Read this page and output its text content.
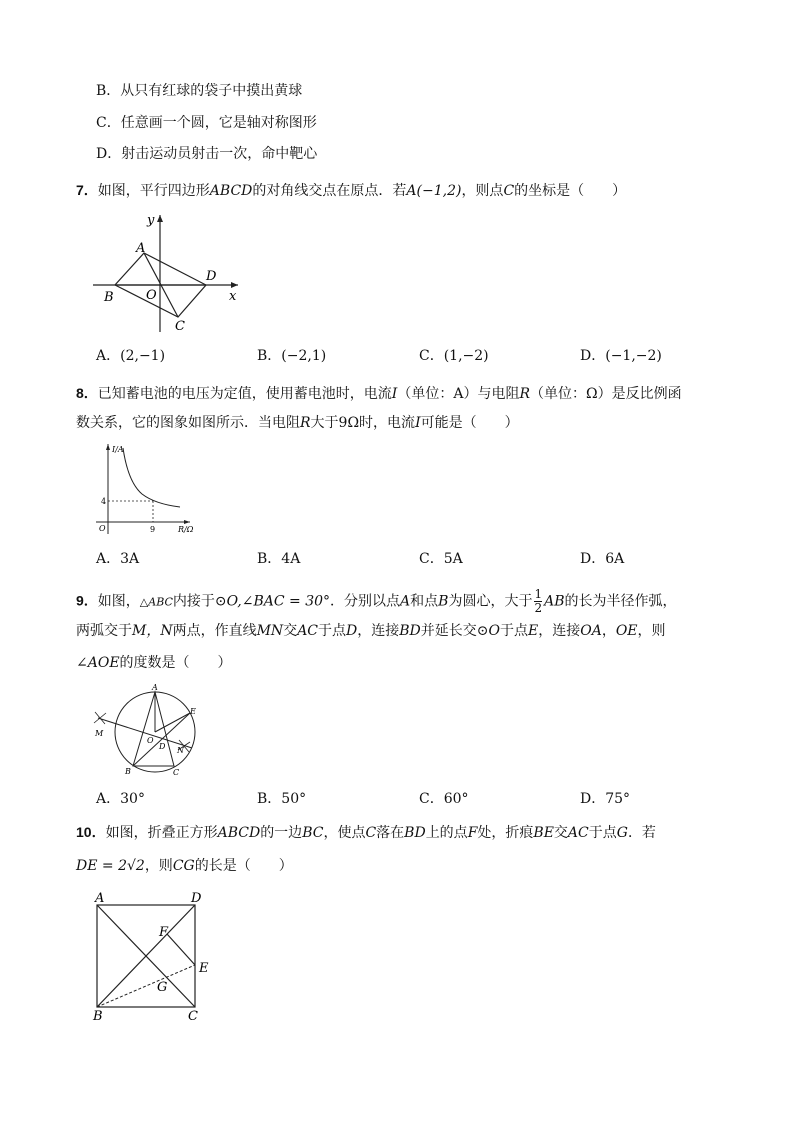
B．从只有红球的袋子中摸出黄球
C．任意画一个圆，它是轴对称图形
D．射击运动员射击一次，命中靶心
7．如图，平行四边形ABCD的对角线交点在原点．若A(−1,2)，则点C的坐标是（　　）
y
x
A
B O
C
D
A．(2,−1)	B．(−2,1)	C．(1,−2)	D．(−1,−2)
8．已知蓄电池的电压为定值，使用蓄电池时，电流I（单位：A）与电阻R（单位：Ω）是反比例函
数关系，它的图象如图所示．当电阻R大于9Ω时，电流I可能是（　　）
I/A
R/Ω
O
4
9
A．3A	B．4A	C．5A	D．6A
9．如图，△ABC内接于⊙O,∠BAC = 30°．分别以点A和点B为圆心，大于 $\frac{1}{2}$ AB的长为半径作弧，
两弧交于M，N两点，作直线MN交AC于点D，连接BD并延长交⊙O于点E，连接OA，OE，则
∠AOE的度数是（　　）
A
E
M
O
D N
B	C
A．30°	B．50°	C．60°	D．75°
10．如图，折叠正方形ABCD的一边BC，使点C落在BD上的点F处，折痕BE交AC于点G．若
DE = 2√2，则CG的长是（　　）
A	D
F
E
G
B	C
